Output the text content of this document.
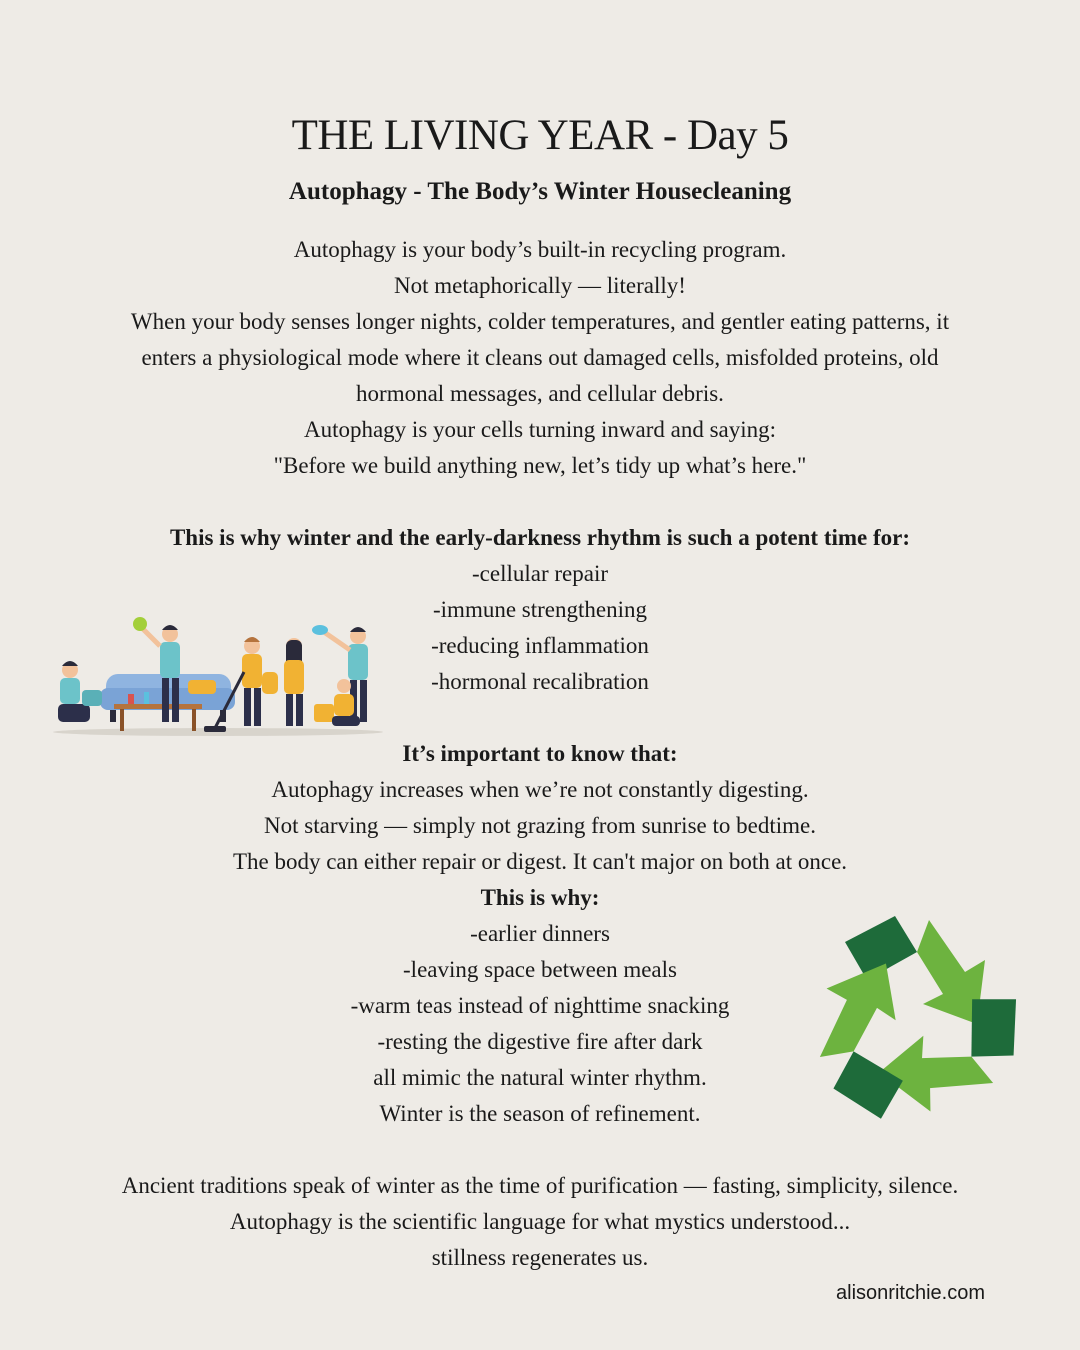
THE LIVING YEAR - Day 5
Autophagy - The Body’s Winter Housecleaning
Autophagy is your body’s built-in recycling program.
Not metaphorically — literally!
When your body senses longer nights, colder temperatures, and gentler eating patterns, it
enters a physiological mode where it cleans out damaged cells, misfolded proteins, old
hormonal messages, and cellular debris.
Autophagy is your cells turning inward and saying:
"Before we build anything new, let’s tidy up what’s here."
This is why winter and the early-darkness rhythm is such a potent time for:
-cellular repair
-immune strengthening
-reducing inflammation
-hormonal recalibration
It’s important to know that:
Autophagy increases when we’re not constantly digesting.
Not starving — simply not grazing from sunrise to bedtime.
The body can either repair or digest. It can't major on both at once.
This is why:
-earlier dinners
-leaving space between meals
-warm teas instead of nighttime snacking
-resting the digestive fire after dark
all mimic the natural winter rhythm.
Winter is the season of refinement.
Ancient traditions speak of winter as the time of purification — fasting, simplicity, silence.
Autophagy is the scientific language for what mystics understood...
stillness regenerates us.
alisonritchie.com
